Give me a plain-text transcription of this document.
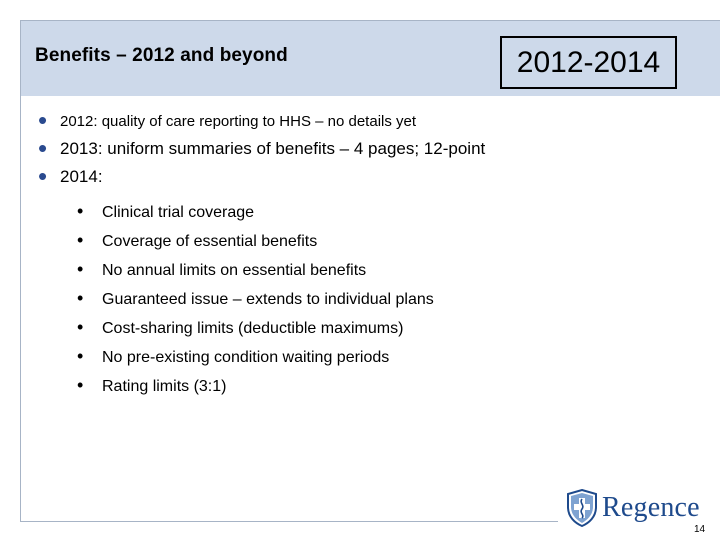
Benefits – 2012 and beyond	2012-2014
• 2012: quality of care reporting to HHS – no details yet
• 2013: uniform summaries of benefits – 4 pages; 12-point
• 2014:
•	Clinical trial coverage
•	Coverage of essential benefits
•	No annual limits on essential benefits
•	Guaranteed issue – extends to individual plans
•	Cost-sharing limits (deductible maximums)
•	No pre-existing condition waiting periods
•	Rating limits (3:1)
Regence
14
